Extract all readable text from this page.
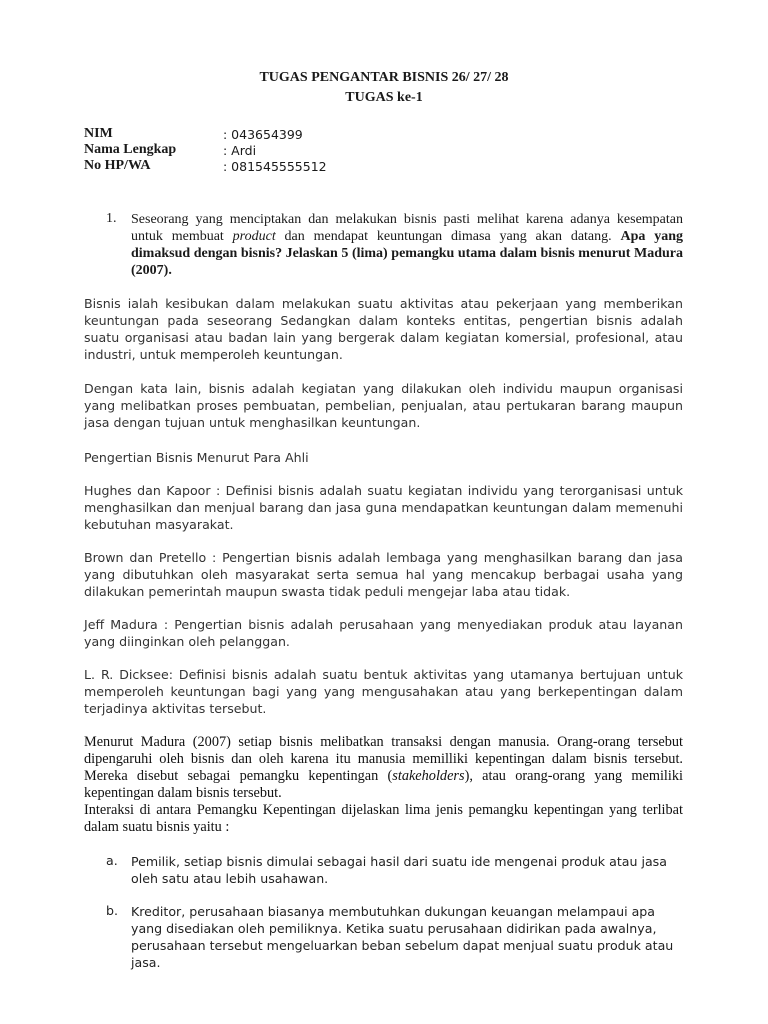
TUGAS PENGANTAR BISNIS 26/ 27/ 28
TUGAS ke-1
NIM	: 043654399
Nama Lengkap	: Ardi
No HP/WA	: 081545555512
1. Seseorang yang menciptakan dan melakukan bisnis pasti melihat karena adanya kesempatan untuk membuat product dan mendapat keuntungan dimasa yang akan datang. Apa yang dimaksud dengan bisnis? Jelaskan 5 (lima) pemangku utama dalam bisnis menurut Madura (2007).
Bisnis ialah kesibukan dalam melakukan suatu aktivitas atau pekerjaan yang memberikan keuntungan pada seseorang Sedangkan dalam konteks entitas, pengertian bisnis adalah suatu organisasi atau badan lain yang bergerak dalam kegiatan komersial, profesional, atau industri, untuk memperoleh keuntungan.
Dengan kata lain, bisnis adalah kegiatan yang dilakukan oleh individu maupun organisasi yang melibatkan proses pembuatan, pembelian, penjualan, atau pertukaran barang maupun jasa dengan tujuan untuk menghasilkan keuntungan.
Pengertian Bisnis Menurut Para Ahli
Hughes dan Kapoor : Definisi bisnis adalah suatu kegiatan individu yang terorganisasi untuk menghasilkan dan menjual barang dan jasa guna mendapatkan keuntungan dalam memenuhi kebutuhan masyarakat.
Brown dan Pretello : Pengertian bisnis adalah lembaga yang menghasilkan barang dan jasa yang dibutuhkan oleh masyarakat serta semua hal yang mencakup berbagai usaha yang dilakukan pemerintah maupun swasta tidak peduli mengejar laba atau tidak.
Jeff Madura : Pengertian bisnis adalah perusahaan yang menyediakan produk atau layanan yang diinginkan oleh pelanggan.
L. R. Dicksee: Definisi bisnis adalah suatu bentuk aktivitas yang utamanya bertujuan untuk memperoleh keuntungan bagi yang yang mengusahakan atau yang berkepentingan dalam terjadinya aktivitas tersebut.
Menurut Madura (2007) setiap bisnis melibatkan transaksi dengan manusia. Orang-orang tersebut dipengaruhi oleh bisnis dan oleh karena itu manusia memilliki kepentingan dalam bisnis tersebut. Mereka disebut sebagai pemangku kepentingan (stakeholders), atau orang-orang yang memiliki kepentingan dalam bisnis tersebut.
Interaksi di antara Pemangku Kepentingan dijelaskan lima jenis pemangku kepentingan yang terlibat dalam suatu bisnis yaitu :
a. Pemilik, setiap bisnis dimulai sebagai hasil dari suatu ide mengenai produk atau jasa oleh satu atau lebih usahawan.
b. Kreditor, perusahaan biasanya membutuhkan dukungan keuangan melampaui apa yang disediakan oleh pemiliknya. Ketika suatu perusahaan didirikan pada awalnya, perusahaan tersebut mengeluarkan beban sebelum dapat menjual suatu produk atau jasa.
